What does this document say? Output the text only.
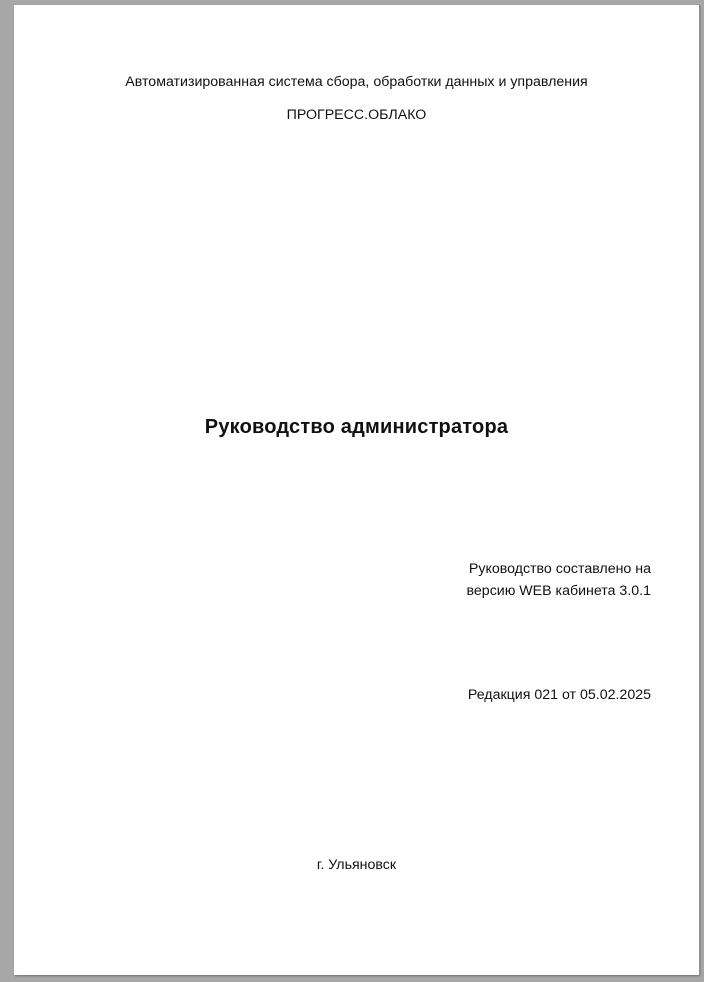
Автоматизированная система сбора, обработки данных и управления
ПРОГРЕСС.ОБЛАКО
Руководство администратора
Руководство составлено на
версию WEB кабинета 3.0.1
Редакция 021 от 05.02.2025
г. Ульяновск
